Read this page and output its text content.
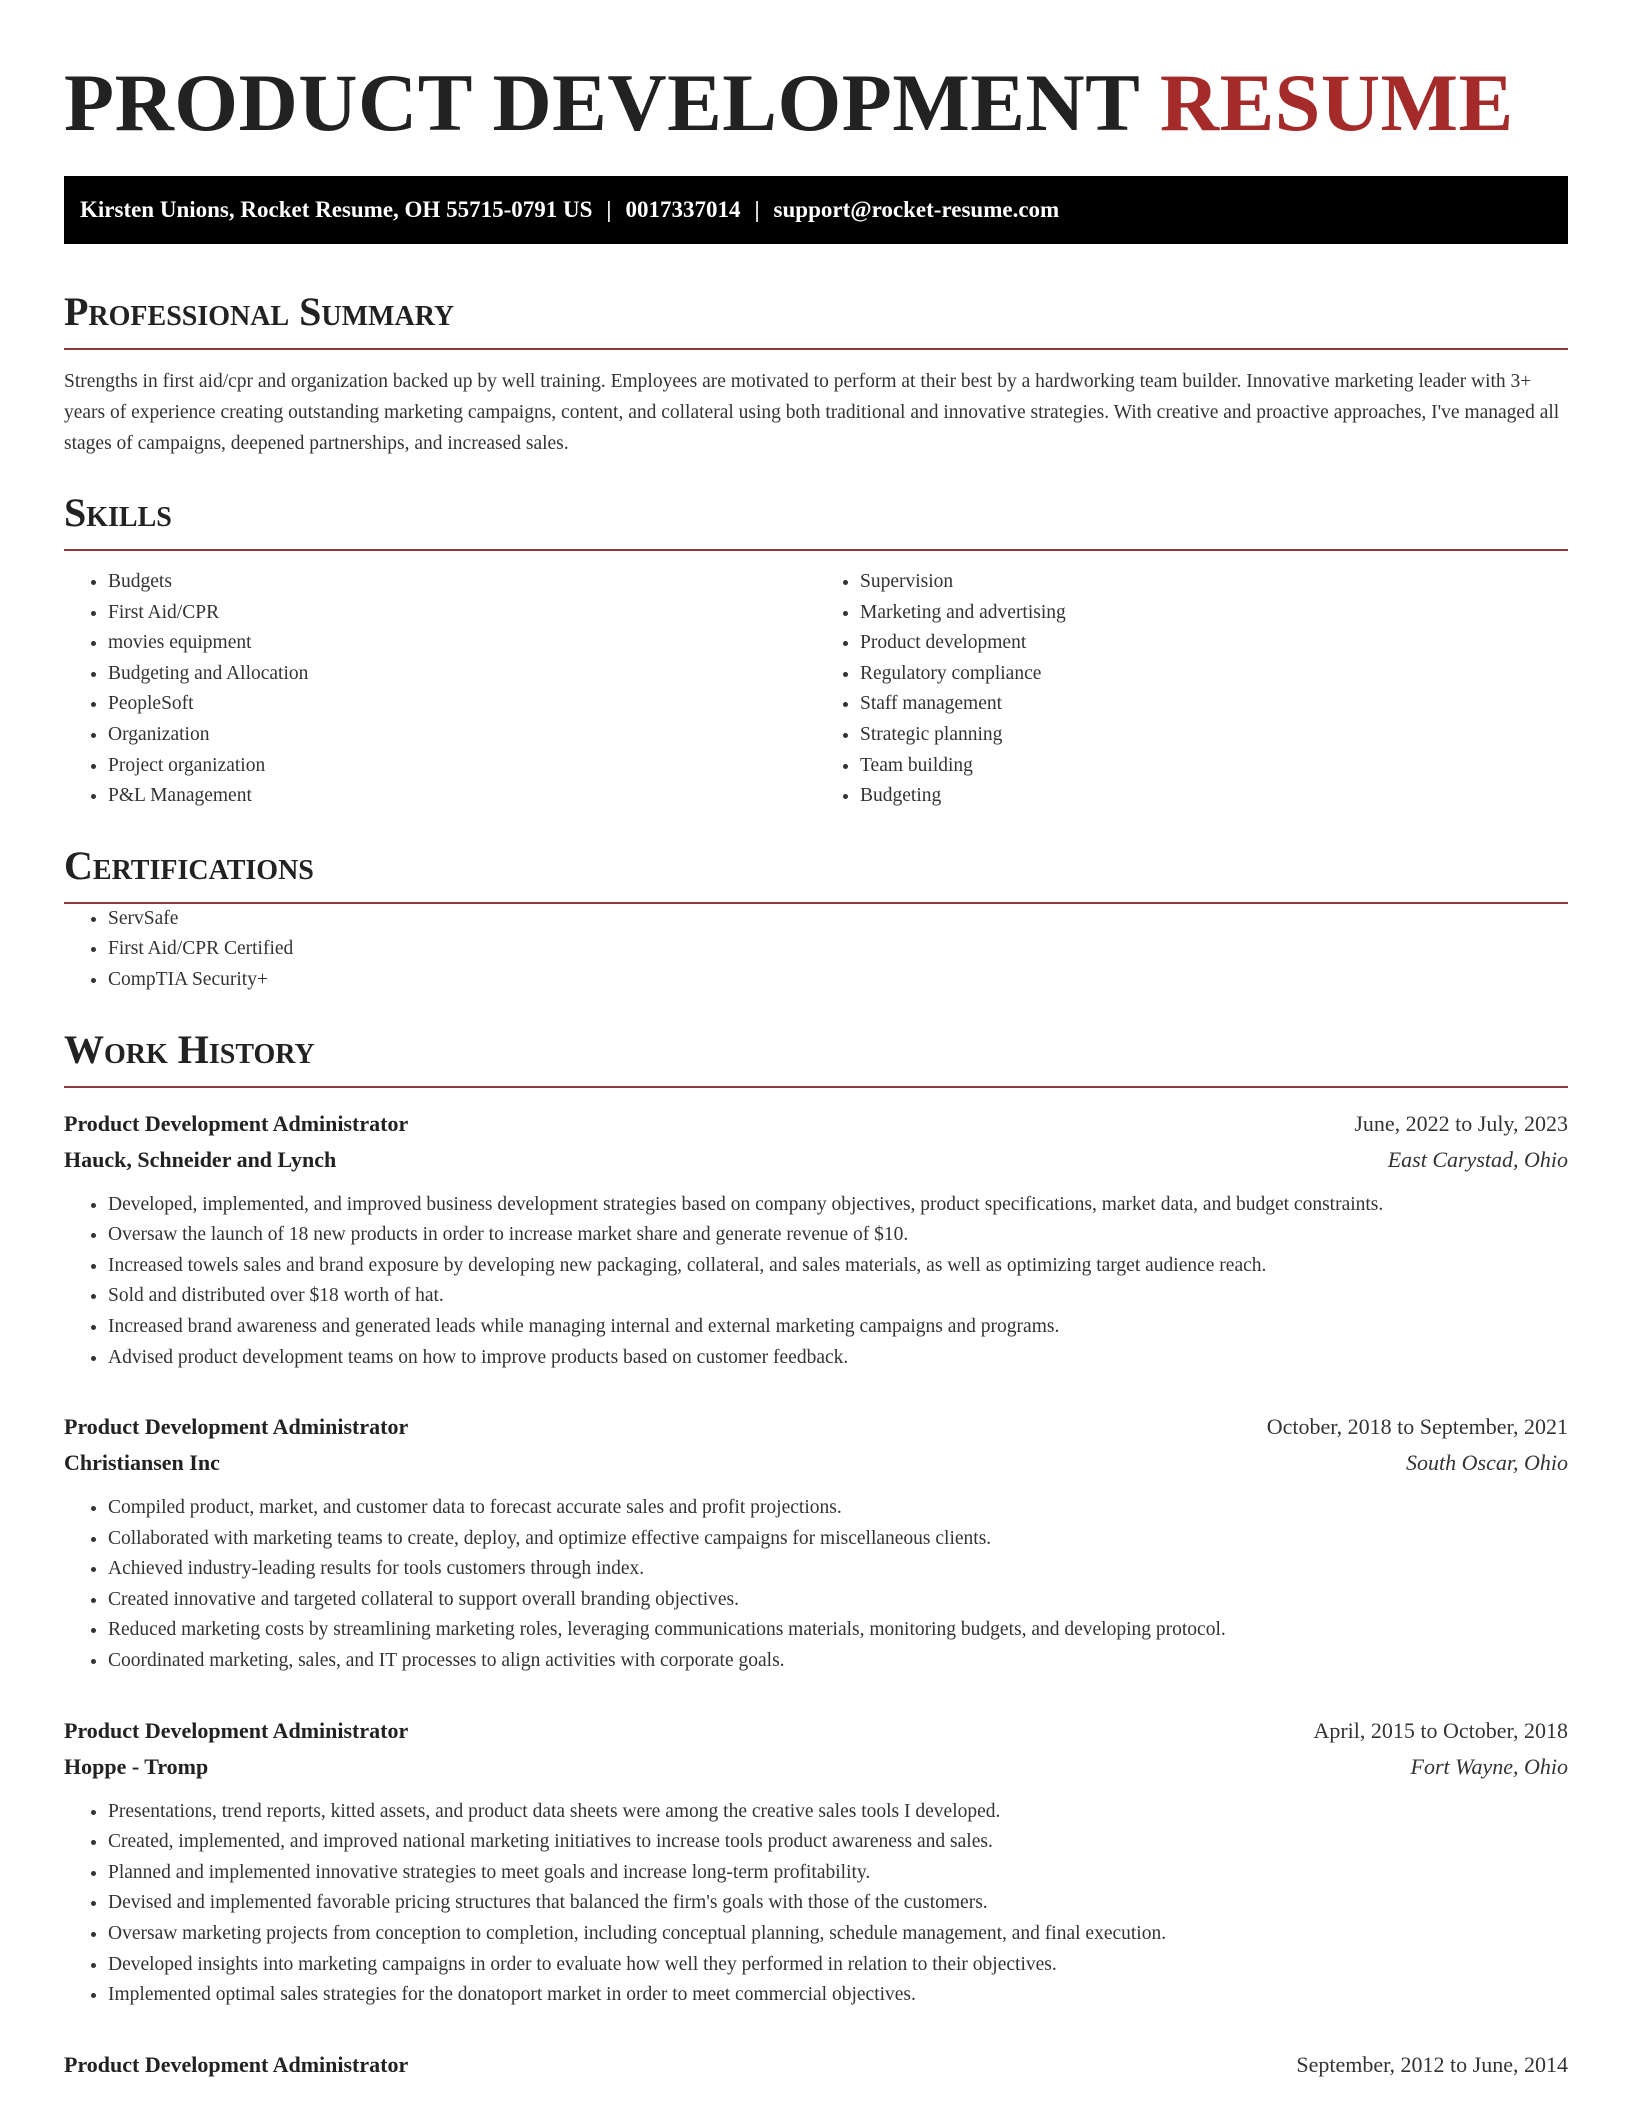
PRODUCT DEVELOPMENT RESUME
Kirsten Unions, Rocket Resume, OH 55715-0791 US | 0017337014 | support@rocket-resume.com
Professional Summary

Strengths in first aid/cpr and organization backed up by well training. Employees are motivated to perform at their best by a hardworking team builder. Innovative marketing leader with 3+ years of experience creating outstanding marketing campaigns, content, and collateral using both traditional and innovative strategies. With creative and proactive approaches, I've managed all stages of campaigns, deepened partnerships, and increased sales.

Skills
• Budgets
• First Aid/CPR
• movies equipment
• Budgeting and Allocation
• PeopleSoft
• Organization
• Project organization
• P&L Management
• Supervision
• Marketing and advertising
• Product development
• Regulatory compliance
• Staff management
• Strategic planning
• Team building
• Budgeting
Certifications
• ServSafe
• First Aid/CPR Certified
• CompTIA Security+
Work History
Product Development Administrator	June, 2022 to July, 2023
Hauck, Schneider and Lynch	East Carystad, Ohio
• Developed, implemented, and improved business development strategies based on company objectives, product specifications, market data, and budget constraints.
• Oversaw the launch of 18 new products in order to increase market share and generate revenue of $10.
• Increased towels sales and brand exposure by developing new packaging, collateral, and sales materials, as well as optimizing target audience reach.
• Sold and distributed over $18 worth of hat.
• Increased brand awareness and generated leads while managing internal and external marketing campaigns and programs.
• Advised product development teams on how to improve products based on customer feedback.
Product Development Administrator	October, 2018 to September, 2021
Christiansen Inc	South Oscar, Ohio
• Compiled product, market, and customer data to forecast accurate sales and profit projections.
• Collaborated with marketing teams to create, deploy, and optimize effective campaigns for miscellaneous clients.
• Achieved industry-leading results for tools customers through index.
• Created innovative and targeted collateral to support overall branding objectives.
• Reduced marketing costs by streamlining marketing roles, leveraging communications materials, monitoring budgets, and developing protocol.
• Coordinated marketing, sales, and IT processes to align activities with corporate goals.
Product Development Administrator	April, 2015 to October, 2018
Hoppe - Tromp	Fort Wayne, Ohio
• Presentations, trend reports, kitted assets, and product data sheets were among the creative sales tools I developed.
• Created, implemented, and improved national marketing initiatives to increase tools product awareness and sales.
• Planned and implemented innovative strategies to meet goals and increase long-term profitability.
• Devised and implemented favorable pricing structures that balanced the firm's goals with those of the customers.
• Oversaw marketing projects from conception to completion, including conceptual planning, schedule management, and final execution.
• Developed insights into marketing campaigns in order to evaluate how well they performed in relation to their objectives.
• Implemented optimal sales strategies for the donatoport market in order to meet commercial objectives.
Product Development Administrator	September, 2012 to June, 2014
